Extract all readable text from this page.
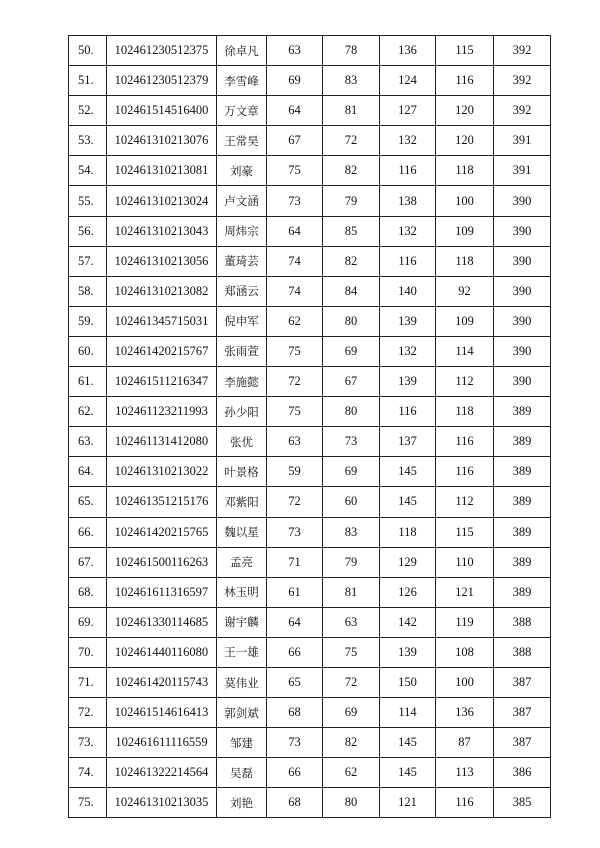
50.	102461230512375	徐卓凡	63	78	136	115	392
51.	102461230512379	李雪峰	69	83	124	116	392
52.	102461514516400	万文章	64	81	127	120	392
53.	102461310213076	王常昊	67	72	132	120	391
54.	102461310213081	刘豪	75	82	116	118	391
55.	102461310213024	卢文涵	73	79	138	100	390
56.	102461310213043	周炜宗	64	85	132	109	390
57.	102461310213056	董琦芸	74	82	116	118	390
58.	102461310213082	郑涵云	74	84	140	92	390
59.	102461345715031	倪申军	62	80	139	109	390
60.	102461420215767	张雨萱	75	69	132	114	390
61.	102461511216347	李施懿	72	67	139	112	390
62.	102461123211993	孙少阳	75	80	116	118	389
63.	102461131412080	张优	63	73	137	116	389
64.	102461310213022	叶景格	59	69	145	116	389
65.	102461351215176	邓紫阳	72	60	145	112	389
66.	102461420215765	魏以星	73	83	118	115	389
67.	102461500116263	孟亮	71	79	129	110	389
68.	102461611316597	林玉明	61	81	126	121	389
69.	102461330114685	谢宇麟	64	63	142	119	388
70.	102461440116080	王一雄	66	75	139	108	388
71.	102461420115743	莫伟业	65	72	150	100	387
72.	102461514616413	郭剑斌	68	69	114	136	387
73.	102461611116559	邹建	73	82	145	87	387
74.	102461322214564	吴磊	66	62	145	113	386
75.	102461310213035	刘艳	68	80	121	116	385
